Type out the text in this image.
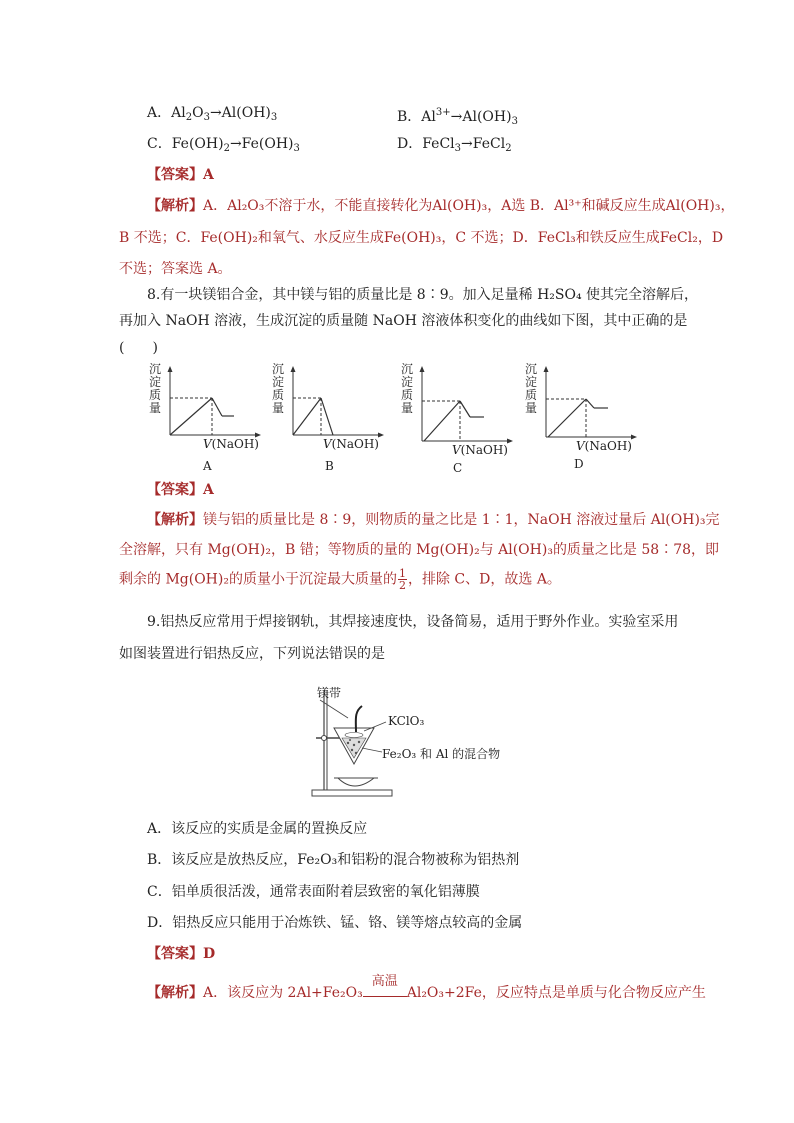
A．$Al_2O_3\to Al(OH)_3$	B．$Al^{3+}\to Al(OH)_3$
C．$Fe(OH)_2\to Fe(OH)_3$	D．FeCl$_3$→FeCl$_2$
【答案】A
【解析】A．Al₂O₃不溶于水，不能直接转化为Al(OH)₃，A选 B．Al³⁺和碱反应生成Al(OH)₃，
B 不选；C．Fe(OH)₂和氧气、水反应生成Fe(OH)₃，C 不选；D．FeCl₃和铁反应生成FeCl₂，D
不选；答案选 A。
8.有一块镁铝合金，其中镁与铝的质量比是 8∶9。加入足量稀 H₂SO₄ 使其完全溶解后，
再加入 NaOH 溶液，生成沉淀的质量随 NaOH 溶液体积变化的曲线如下图，其中正确的是
(　　)
沉
淀
质
量
V(NaOH)
A
沉
淀
质
量
V(NaOH)
B
沉
淀
质
量
V(NaOH)
C
沉
淀
质
量
V(NaOH)
D
【答案】A
【解析】镁与铝的质量比是 8∶9，则物质的量之比是 1∶1，NaOH 溶液过量后 Al(OH)₃完
全溶解，只有 Mg(OH)₂，B 错；等物质的量的 Mg(OH)₂与 Al(OH)₃的质量之比是 58∶78，即
剩余的 Mg(OH)₂的质量小于沉淀最大质量的 $\frac{1}{2}$ ，排除 C、D，故选 A。
9.铝热反应常用于焊接钢轨，其焊接速度快，设备简易，适用于野外作业。实验室采用
如图装置进行铝热反应，下列说法错误的是
镁带
KClO₃
Fe₂O₃ 和 Al 的混合物
A．该反应的实质是金属的置换反应
B．该反应是放热反应，Fe₂O₃和铝粉的混合物被称为铝热剂
C．铝单质很活泼，通常表面附着层致密的氧化铝薄膜
D．铝热反应只能用于冶炼铁、锰、铬、镁等熔点较高的金属
【答案】D
【解析】A．该反应为 2Al+Fe₂O₃
高温
Al₂O₃+2Fe，反应特点是单质与化合物反应产生
